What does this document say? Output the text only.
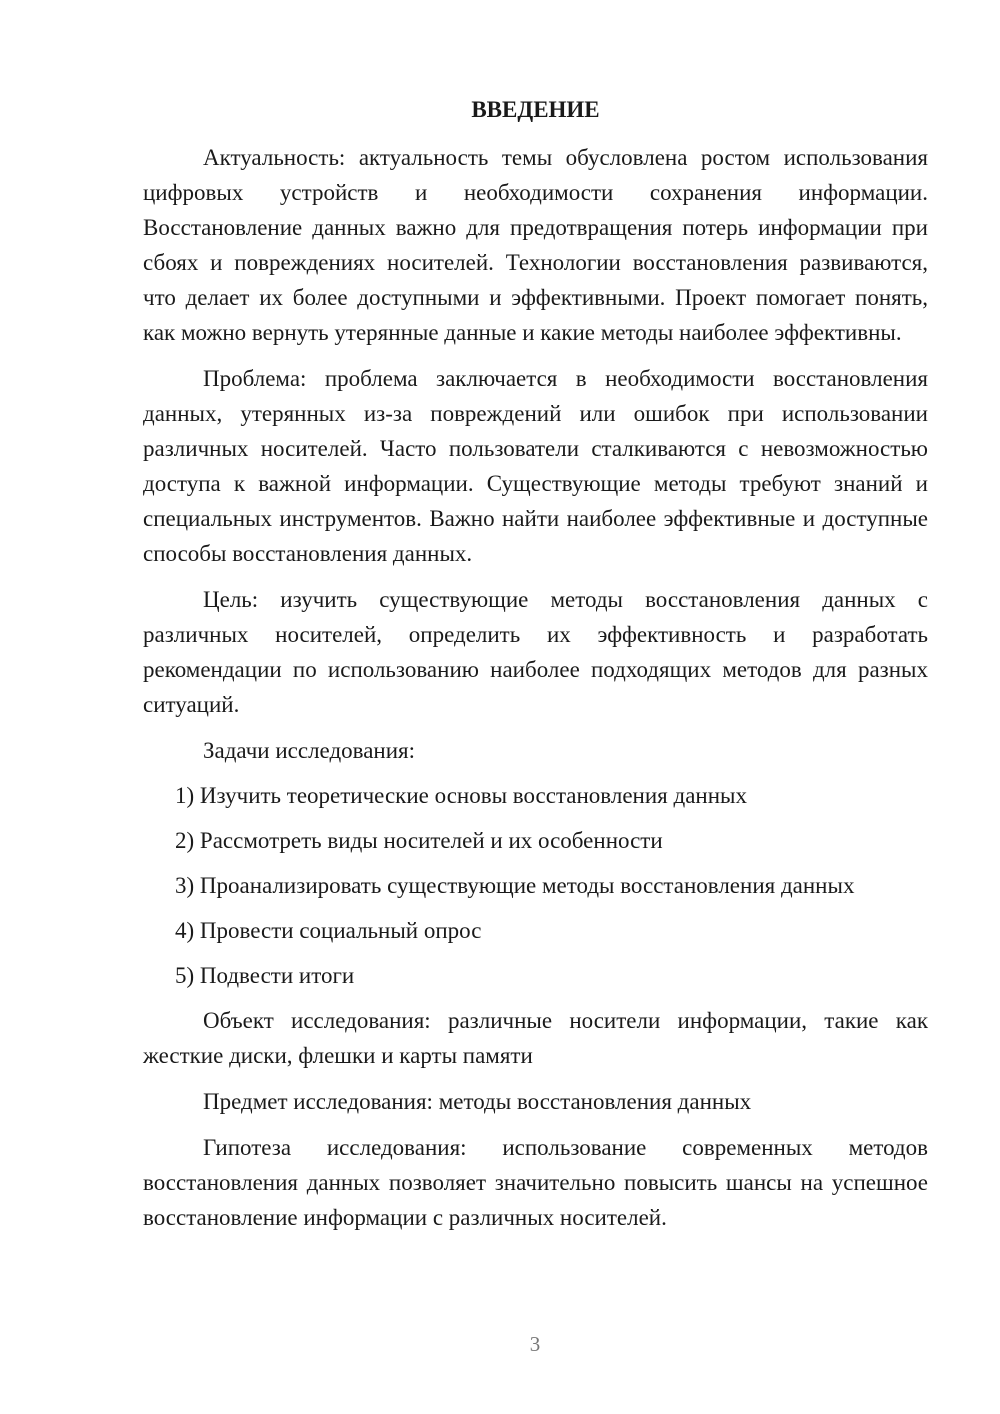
ВВЕДЕНИЕ

Актуальность: актуальность темы обусловлена ростом использования цифровых устройств и необходимости сохранения информации. Восстановление данных важно для предотвращения потерь информации при сбоях и повреждениях носителей. Технологии восстановления развиваются, что делает их более доступными и эффективными. Проект помогает понять, как можно вернуть утерянные данные и какие методы наиболее эффективны.

Проблема: проблема заключается в необходимости восстановления данных, утерянных из-за повреждений или ошибок при использовании различных носителей. Часто пользователи сталкиваются с невозможностью доступа к важной информации. Существующие методы требуют знаний и специальных инструментов. Важно найти наиболее эффективные и доступные способы восстановления данных.

Цель: изучить существующие методы восстановления данных с различных носителей, определить их эффективность и разработать рекомендации по использованию наиболее подходящих методов для разных ситуаций.

Задачи исследования:

1) Изучить теоретические основы восстановления данных
2) Рассмотреть виды носителей и их особенности
3) Проанализировать существующие методы восстановления данных
4) Провести социальный опрос
5) Подвести итоги

Объект исследования: различные носители информации, такие как жесткие диски, флешки и карты памяти

Предмет исследования: методы восстановления данных

Гипотеза исследования: использование современных методов восстановления данных позволяет значительно повысить шансы на успешное восстановление информации с различных носителей.

3
